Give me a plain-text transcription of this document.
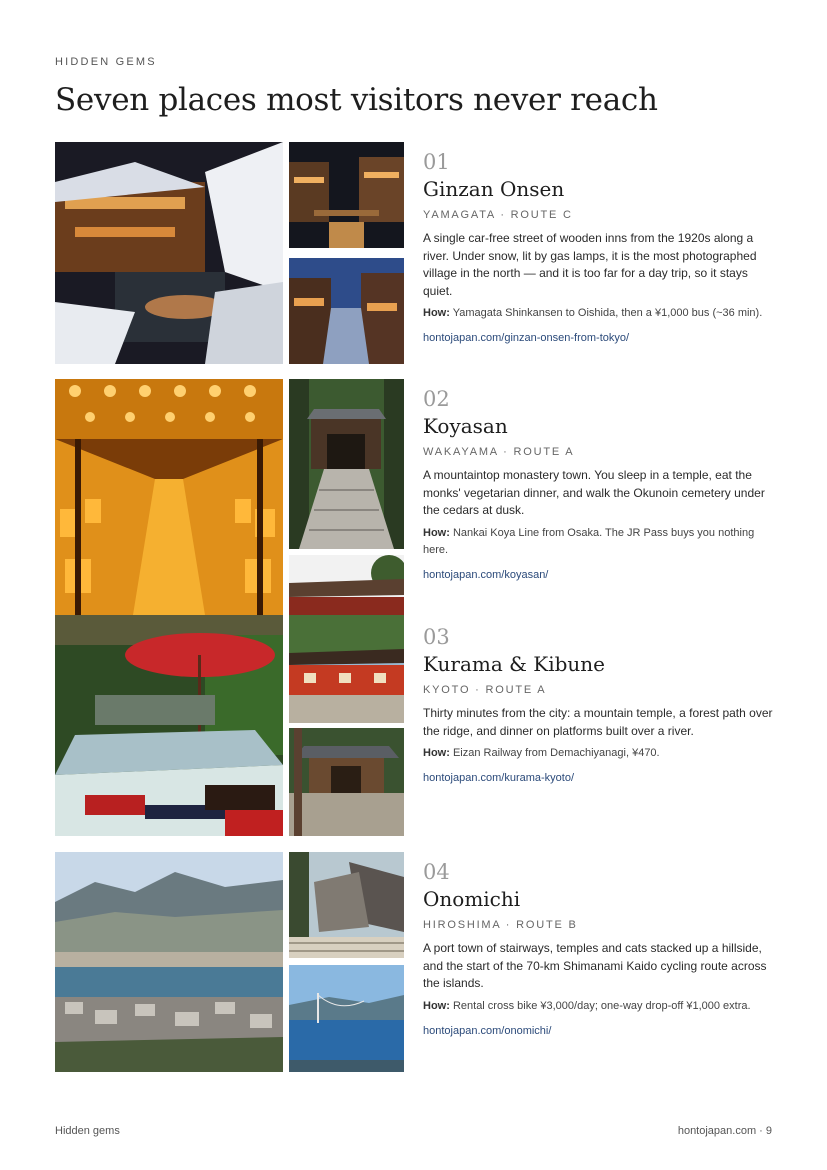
HIDDEN GEMS
Seven places most visitors never reach
01
Ginzan Onsen
YAMAGATA · ROUTE C
A single car-free street of wooden inns from the 1920s along a river. Under snow, lit by gas lamps, it is the most photographed village in the north — and it is too far for a day trip, so it stays quiet.
How: Yamagata Shinkansen to Oishida, then a ¥1,000 bus (~36 min).
hontojapan.com/ginzan-onsen-from-tokyo/
02
Koyasan
WAKAYAMA · ROUTE A
A mountaintop monastery town. You sleep in a temple, eat the monks' vegetarian dinner, and walk the Okunoin cemetery under the cedars at dusk.
How: Nankai Koya Line from Osaka. The JR Pass buys you nothing here.
hontojapan.com/koyasan/
03
Kurama & Kibune
KYOTO · ROUTE A
Thirty minutes from the city: a mountain temple, a forest path over the ridge, and dinner on platforms built over a river.
How: Eizan Railway from Demachiyanagi, ¥470.
hontojapan.com/kurama-kyoto/
04
Onomichi
HIROSHIMA · ROUTE B
A port town of stairways, temples and cats stacked up a hillside, and the start of the 70-km Shimanami Kaido cycling route across the islands.
How: Rental cross bike ¥3,000/day; one-way drop-off ¥1,000 extra.
hontojapan.com/onomichi/
Hidden gems	hontojapan.com · 9
